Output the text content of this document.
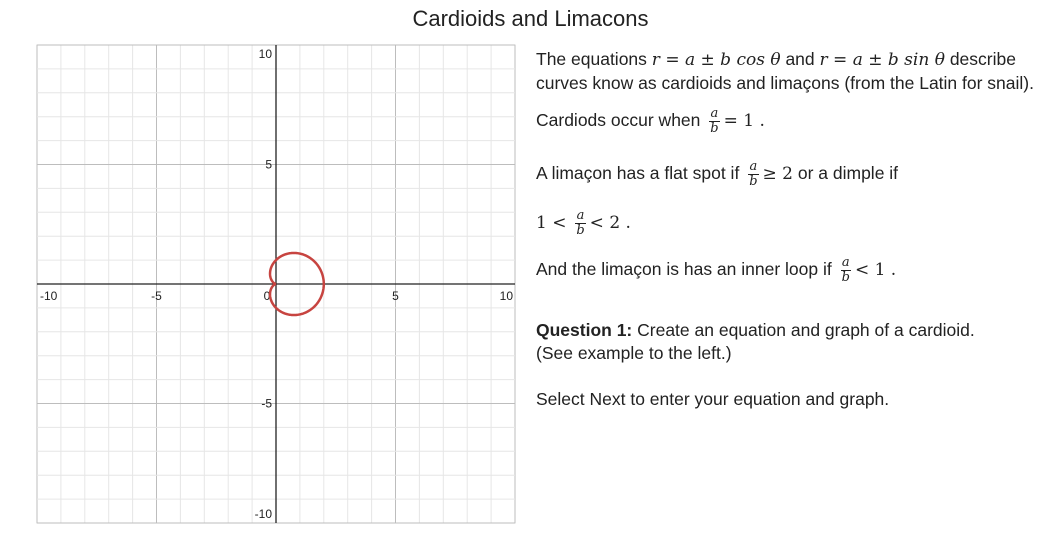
Cardioids and Limacons
-10	-5	0	5	10
10
5
-5
-10

The equations r = a ± b cos θ and r = a ± b sin θ describe curves know as cardioids and limaçons (from the Latin for snail).

Cardiods occur when $\frac{a}{b} = 1$ .

A limaçon has a flat spot if $\frac{a}{b} \ge 2$ or a dimple if

$1 < \frac{a}{b} < 2$ .

And the limaçon is has an inner loop if $\frac{a}{b} < 1$ .

Question 1: Create an equation and graph of a cardioid.

(See example to the left.)

Select Next to enter your equation and graph.
